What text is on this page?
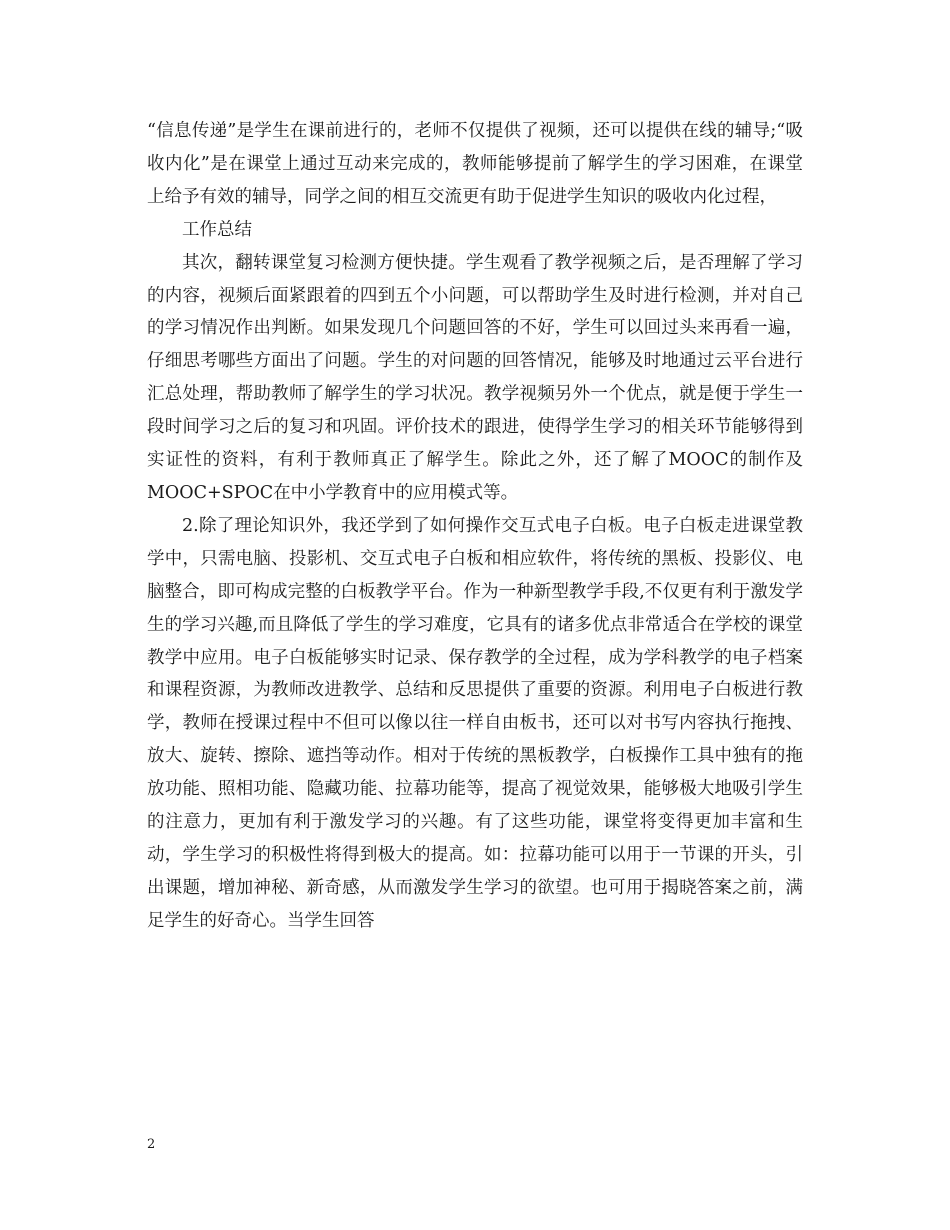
“信息传递”是学生在课前进行的，老师不仅提供了视频，还可以提供在线的辅导;“吸收内化”是在课堂上通过互动来完成的，教师能够提前了解学生的学习困难，在课堂上给予有效的辅导，同学之间的相互交流更有助于促进学生知识的吸收内化过程，

工作总结

其次，翻转课堂复习检测方便快捷。学生观看了教学视频之后，是否理解了学习的内容，视频后面紧跟着的四到五个小问题，可以帮助学生及时进行检测，并对自己的学习情况作出判断。如果发现几个问题回答的不好，学生可以回过头来再看一遍，仔细思考哪些方面出了问题。学生的对问题的回答情况，能够及时地通过云平台进行汇总处理，帮助教师了解学生的学习状况。教学视频另外一个优点，就是便于学生一段时间学习之后的复习和巩固。评价技术的跟进，使得学生学习的相关环节能够得到实证性的资料，有利于教师真正了解学生。除此之外，还了解了MOOC的制作及MOOC+SPOC在中小学教育中的应用模式等。

2.除了理论知识外，我还学到了如何操作交互式电子白板。电子白板走进课堂教学中，只需电脑、投影机、交互式电子白板和相应软件，将传统的黑板、投影仪、电脑整合，即可构成完整的白板教学平台。作为一种新型教学手段,不仅更有利于激发学生的学习兴趣,而且降低了学生的学习难度，它具有的诸多优点非常适合在学校的课堂教学中应用。电子白板能够实时记录、保存教学的全过程，成为学科教学的电子档案和课程资源，为教师改进教学、总结和反思提供了重要的资源。利用电子白板进行教学，教师在授课过程中不但可以像以往一样自由板书，还可以对书写内容执行拖拽、放大、旋转、擦除、遮挡等动作。相对于传统的黑板教学，白板操作工具中独有的拖放功能、照相功能、隐藏功能、拉幕功能等，提高了视觉效果，能够极大地吸引学生的注意力，更加有利于激发学习的兴趣。有了这些功能，课堂将变得更加丰富和生动，学生学习的积极性将得到极大的提高。如：拉幕功能可以用于一节课的开头，引出课题，增加神秘、新奇感，从而激发学生学习的欲望。也可用于揭晓答案之前，满足学生的好奇心。当学生回答

2
